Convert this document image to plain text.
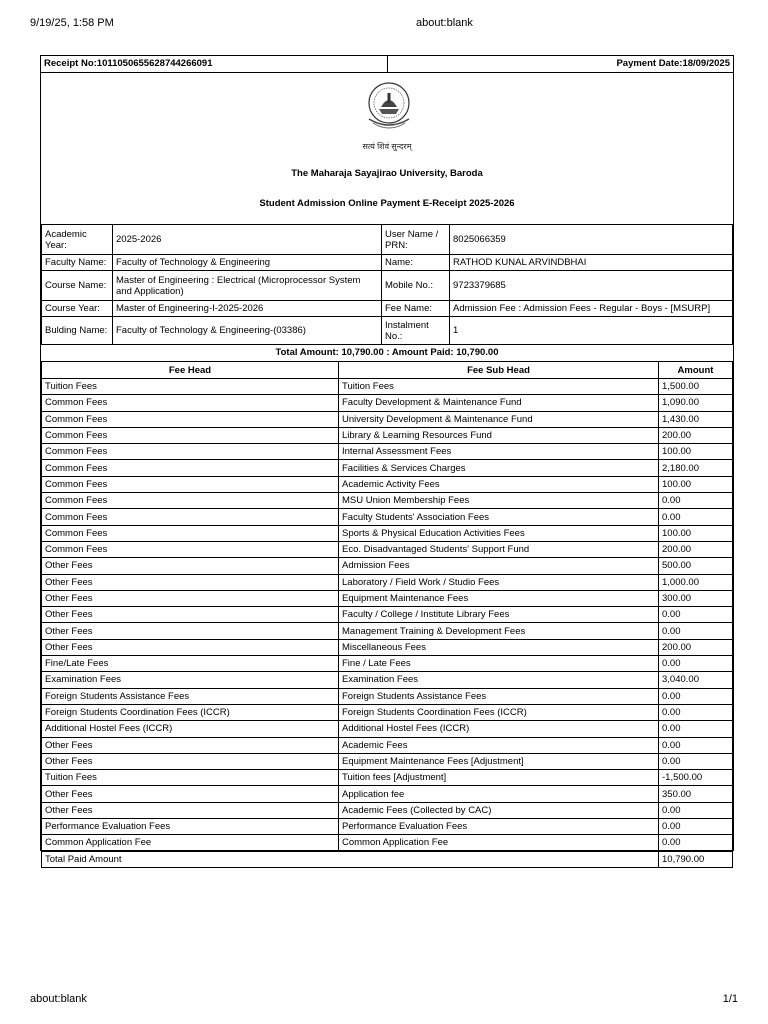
9/19/25, 1:58 PM	about:blank
Receipt No:1011050655628744266091	Payment Date:18/09/2025
सत्यं शिवं सुन्दरम्
The Maharaja Sayajirao University, Baroda
Student Admission Online Payment E-Receipt 2025-2026
Academic Year:	2025-2026	User Name / PRN:	8025066359
Faculty Name:	Faculty of Technology & Engineering	Name:	RATHOD KUNAL ARVINDBHAI
Course Name:	Master of Engineering : Electrical (Microprocessor System and Application)	Mobile No.:	9723379685
Course Year:	Master of Engineering-I-2025-2026	Fee Name:	Admission Fee : Admission Fees - Regular - Boys - [MSURP]
Bulding Name:	Faculty of Technology & Engineering-(03386)	Instalment No.:	1
Total Amount: 10,790.00 : Amount Paid: 10,790.00
Fee Head	Fee Sub Head	Amount
Tuition Fees	Tuition Fees	1,500.00
Common Fees	Faculty Development & Maintenance Fund	1,090.00
Common Fees	University Development & Maintenance Fund	1,430.00
Common Fees	Library & Learning Resources Fund	200.00
Common Fees	Internal Assessment Fees	100.00
Common Fees	Facilities & Services Charges	2,180.00
Common Fees	Academic Activity Fees	100.00
Common Fees	MSU Union Membership Fees	0.00
Common Fees	Faculty Students' Association Fees	0.00
Common Fees	Sports & Physical Education Activities Fees	100.00
Common Fees	Eco. Disadvantaged Students' Support Fund	200.00
Other Fees	Admission Fees	500.00
Other Fees	Laboratory / Field Work / Studio Fees	1,000.00
Other Fees	Equipment Maintenance Fees	300.00
Other Fees	Faculty / College / Institute Library Fees	0.00
Other Fees	Management Training & Development Fees	0.00
Other Fees	Miscellaneous Fees	200.00
Fine/Late Fees	Fine / Late Fees	0.00
Examination Fees	Examination Fees	3,040.00
Foreign Students Assistance Fees	Foreign Students Assistance Fees	0.00
Foreign Students Coordination Fees (ICCR)	Foreign Students Coordination Fees (ICCR)	0.00
Additional Hostel Fees (ICCR)	Additional Hostel Fees (ICCR)	0.00
Other Fees	Academic Fees	0.00
Other Fees	Equipment Maintenance Fees [Adjustment]	0.00
Tuition Fees	Tuition fees [Adjustment]	-1,500.00
Other Fees	Application fee	350.00
Other Fees	Academic Fees (Collected by CAC)	0.00
Performance Evaluation Fees	Performance Evaluation Fees	0.00
Common Application Fee	Common Application Fee	0.00
Total Paid Amount		10,790.00
about:blank	1/1
